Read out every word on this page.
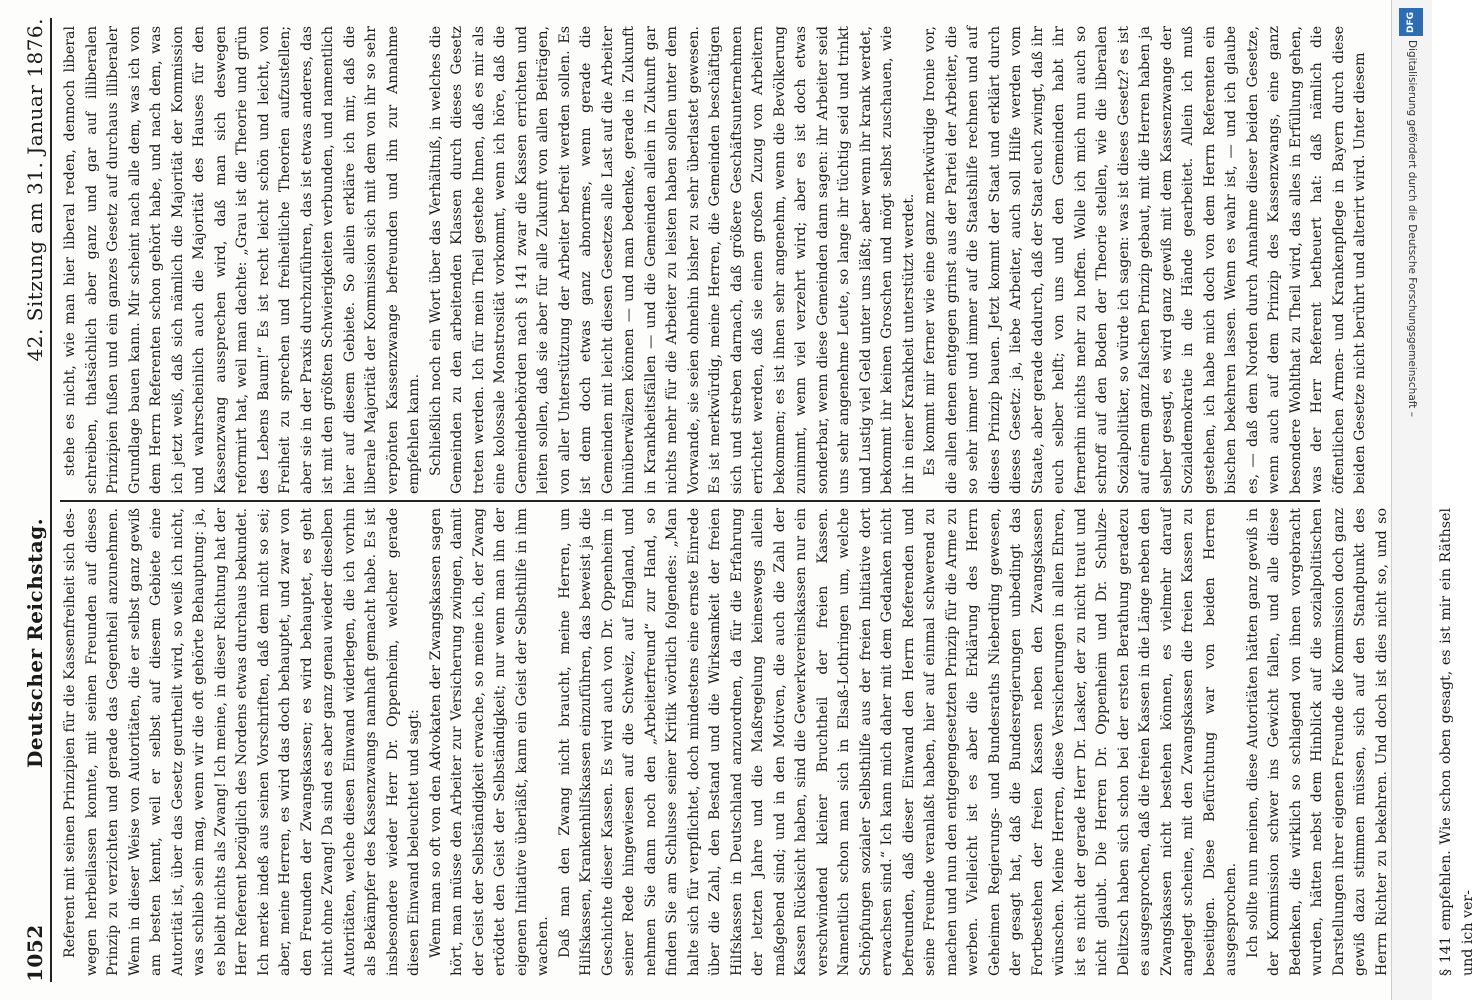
1052
Deutscher Reichstag.
42. Sitzung am 31. Januar 1876.

Referent mit seinen Prinzipien für die Kassenfreiheit sich des-wegen herbeilassen konnte, mit seinen Freunden auf dieses Prinzip zu verzichten und gerade das Gegentheil anzunehmen. Wenn in dieser Weise von Autoritäten, die er selbst ganz gewiß am besten kennt, weil er selbst auf diesem Gebiete eine Autorität ist, über das Gesetz geurtheilt wird, so weiß ich nicht, was schlieb sein mag, wenn wir die oft gehörte Behauptung: ja, es bleibt nichts als Zwang! Ich meine, in dieser Richtung hat der Herr Referent bezüglich des Nordens etwas durchaus bekundet. Ich merke indeß aus seinen Vorschriften, daß dem nicht so sei; aber, meine Herren, es wird das doch behauptet, und zwar von den Freunden der Zwangskassen; es wird behauptet, es geht nicht ohne Zwang! Da sind es aber ganz genau wieder dieselben Autoritäten, welche diesen Einwand widerlegen, die ich vorhin als Bekämpfer des Kassenzwangs namhaft gemacht habe. Es ist insbesondere wieder Herr Dr. Oppenheim, welcher gerade diesen Einwand beleuchtet und sagt: Wenn man so oft von den Advokaten der Zwangskassen sagen hört, man müsse den Arbeiter zur Versicherung zwingen, damit der Geist der Selbständigkeit erwache, so meine ich, der Zwang ertödtet den Geist der Selbständigkeit; nur wenn man ihn der eigenen Initiative überläßt, kann ein Geist der Selbsthilfe in ihm wachen. Daß man den Zwang nicht braucht, meine Herren, um Hilfskassen, Krankenhilfskassen einzuführen, das beweist ja die Geschichte dieser Kassen. Es wird auch von Dr. Oppenheim in seiner Rede hingewiesen auf die Schweiz, auf England, und nehmen Sie dann noch den „Arbeiterfreund“ zur Hand, so finden Sie am Schlusse seiner Kritik wörtlich folgendes: „Man halte sich für verpflichtet, doch mindestens eine ernste Einrede über die Zahl, den Bestand und die Wirksamkeit der freien Hilfskassen in Deutschland anzuordnen, da für die Erfahrung der letzten Jahre und die Maßregelung keineswegs allein maßgebend sind; und in den Motiven, die auch die Zahl der Kassen Rücksicht haben, sind die Gewerkvereinskassen nur ein verschwindend kleiner Bruchtheil der freien Kassen. Namentlich schon man sich in Elsaß-Lothringen um, welche Schöpfungen sozialer Selbsthilfe aus der freien Initiative dort erwachsen sind.“ Ich kann mich daher mit dem Gedanken nicht befreunden, daß dieser Einwand den Herrn Referenden und seine Freunde veranlaßt haben, hier auf einmal schwerend zu machen und nun den entgegengesetzten Prinzip für die Arme zu werben. Vielleicht ist es aber die Erklärung des Herrn Geheimen Regierungs- und Bundesraths Nieberding gewesen, der gesagt hat, daß die Bundesregierungen unbedingt das Fortbestehen der freien Kassen neben den Zwangskassen wünschen. Meine Herren, diese Versicherungen in allen Ehren, ist es nicht der gerade Herr Dr. Lasker, der zu nicht traut und nicht glaubt. Die Herren Dr. Oppenheim und Dr. Schulze-Delitzsch haben sich schon bei der ersten Berathung geradezu es ausgesprochen, daß die freien Kassen in die Länge neben den Zwangskassen nicht bestehen können, es vielmehr darauf angelegt scheine, mit den Zwangskassen die freien Kassen zu beseitigen. Diese Befürchtung war von beiden Herren ausgesprochen. Ich sollte nun meinen, diese Autoritäten hätten ganz gewiß in der Kommission schwer ins Gewicht fallen, und alle diese Bedenken, die wirklich so schlagend von ihnen vorgebracht wurden, hätten nebst dem Hinblick auf die sozialpolitischen Darstellungen ihrer eigenen Freunde die Kommission doch ganz gewiß dazu stimmen müssen, sich auf den Standpunkt des Herrn Richter zu bekehren. Und doch ist dies nicht so, und so § 141 empfehlen. Wie schon oben gesagt, es ist mir ein Räthsel und ich ver-

stehe es nicht, wie man hier liberal reden, dennoch liberal schreiben, thatsächlich aber ganz und gar auf illiberalen Prinzipien fußen und ein ganzes Gesetz auf durchaus illiberaler Grundlage bauen kann. Mir scheint nach alle dem, was ich von dem Herrn Referenten schon gehört habe, und nach dem, was ich jetzt weiß, daß sich nämlich die Majorität der Kommission und wahrscheinlich auch die Majorität des Hauses für den Kassenzwang aussprechen wird, daß man sich deswegen reformirt hat, weil man dachte: „Grau ist die Theorie und grün des Lebens Baum!“ Es ist recht leicht schön und leicht, von Freiheit zu sprechen und freiheitliche Theorien aufzustellen; aber sie in der Praxis durchzuführen, das ist etwas anderes, das ist mit den größten Schwierigkeiten verbunden, und namentlich hier auf diesem Gebiete. So allein erkläre ich mir, daß die liberale Majorität der Kommission sich mit dem von ihr so sehr verpönten Kassenzwange befreunden und ihn zur Annahme empfehlen kann. Schließlich noch ein Wort über das Verhältniß, in welches die Gemeinden zu den arbeitenden Klassen durch dieses Gesetz treten werden. Ich für mein Theil gestehe Ihnen, daß es mir als eine kolossale Monstrosität vorkommt, wenn ich höre, daß die Gemeindebehörden nach § 141 zwar die Kassen errichten und leiten sollen, daß sie aber für alle Zukunft von allen Beiträgen, von aller Unterstützung der Arbeiter befreit werden sollen. Es ist denn doch etwas ganz abnormes, wenn gerade die Gemeinden mit leicht diesen Gesetzes alle Last auf die Arbeiter hinüberwälzen können — und man bedenke, gerade in Zukunft in Krankheitsfällen — und die Gemeinden allein in Zukunft gar nichts mehr für die Arbeiter zu leisten haben sollen unter dem Vorwande, sie seien ohnehin bisher zu sehr überlastet gewesen. Es ist merkwürdig, meine Herren, die Gemeinden beschäftigen sich und streben darnach, daß größere Geschäftsunternehmen errichtet werden, daß sie einen großen Zuzug von Arbeitern bekommen; es ist ihnen sehr angenehm, wenn die Bevölkerung zunimmt, wenn viel verzehrt wird; aber es ist doch etwas sonderbar, wenn diese Gemeinden dann sagen: ihr Arbeiter seid uns sehr angenehme Leute, so lange ihr tüchtig seid und trinkt und Lustig viel Geld unter uns läßt; aber wenn ihr krank werdet, bekommt ihr keinen Groschen und mögt selbst zuschauen, wie ihr in einer Krankheit unterstützt werdet. Es kommt mir ferner wie eine ganz merkwürdige Ironie vor, die allen denen entgegen grinst aus der Partei der Arbeiter, die so sehr immer und immer auf die Staatshilfe rechnen und auf dieses Prinzip bauen. Jetzt kommt der Staat und erklärt durch dieses Gesetz: ja, liebe Arbeiter, auch soll Hilfe werden vom Staate, aber gerade dadurch, daß der Staat euch zwingt, daß ihr euch selber helft; von uns und den Gemeinden habt ihr fernerhin nichts mehr zu hoffen. Wolle ich mich nun auch so schroff auf den Boden der Theorie stellen, wie die liberalen Sozialpolitiker, so würde ich sagen: was ist dieses Gesetz? es ist auf einem ganz falschen Prinzip gebaut, mit die Herren haben ja selber gesagt, es wird ganz gewiß mit dem Kassenzwange der Sozialdemokratie in die Hände gearbeitet. Allein ich muß gestehen, ich habe mich doch von dem Herrn Referenten ein bischen bekehren lassen. Wenn es wahr ist, — und ich glaube es, — daß dem Norden durch Annahme dieser beiden Gesetze, wenn auch auf dem Prinzip des Kassenzwangs, eine ganz besondere Wohlthat zu Theil wird, das alles in Erfüllung gehen, was der Herr Referent betheuert hat: daß nämlich die öffentlichen Armen- und Krankenpflege in Bayern durch diese beiden Gesetze nicht berührt und alterirt wird. Unter diesem

DFG
Digitalisierung gefördert durch die Deutsche Forschungsgemeinschaft –
